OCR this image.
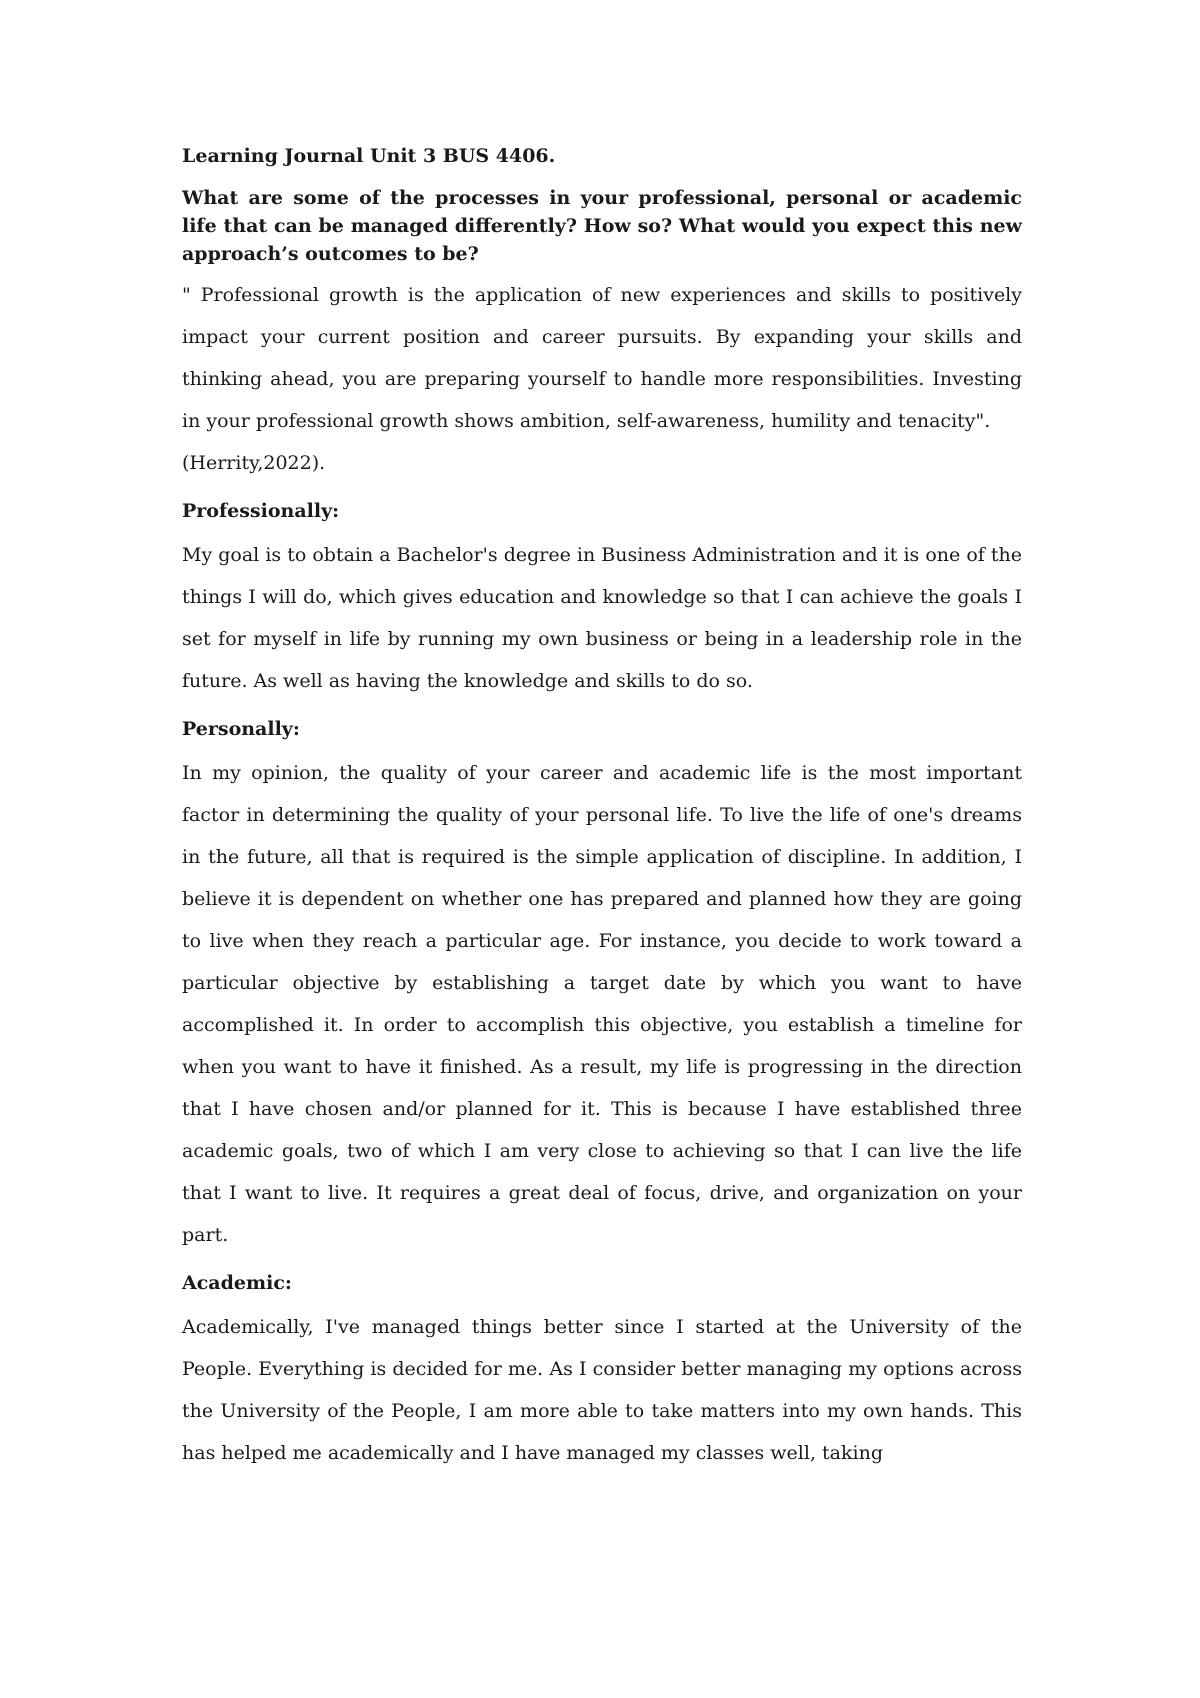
Learning Journal Unit 3 BUS 4406.

What are some of the processes in your professional, personal or academic life that can be managed differently? How so? What would you expect this new approach’s outcomes to be?

" Professional growth is the application of new experiences and skills to positively impact your current position and career pursuits. By expanding your skills and thinking ahead, you are preparing yourself to handle more responsibilities. Investing in your professional growth shows ambition, self-awareness, humility and tenacity".

(Herrity,2022).

Professionally:

My goal is to obtain a Bachelor's degree in Business Administration and it is one of the things I will do, which gives education and knowledge so that I can achieve the goals I set for myself in life by running my own business or being in a leadership role in the future. As well as having the knowledge and skills to do so.

Personally:

In my opinion, the quality of your career and academic life is the most important factor in determining the quality of your personal life. To live the life of one's dreams in the future, all that is required is the simple application of discipline. In addition, I believe it is dependent on whether one has prepared and planned how they are going to live when they reach a particular age. For instance, you decide to work toward a particular objective by establishing a target date by which you want to have accomplished it. In order to accomplish this objective, you establish a timeline for when you want to have it finished. As a result, my life is progressing in the direction that I have chosen and/or planned for it. This is because I have established three academic goals, two of which I am very close to achieving so that I can live the life that I want to live. It requires a great deal of focus, drive, and organization on your part.

Academic:

Academically, I've managed things better since I started at the University of the People. Everything is decided for me. As I consider better managing my options across the University of the People, I am more able to take matters into my own hands. This has helped me academically and I have managed my classes well, taking
